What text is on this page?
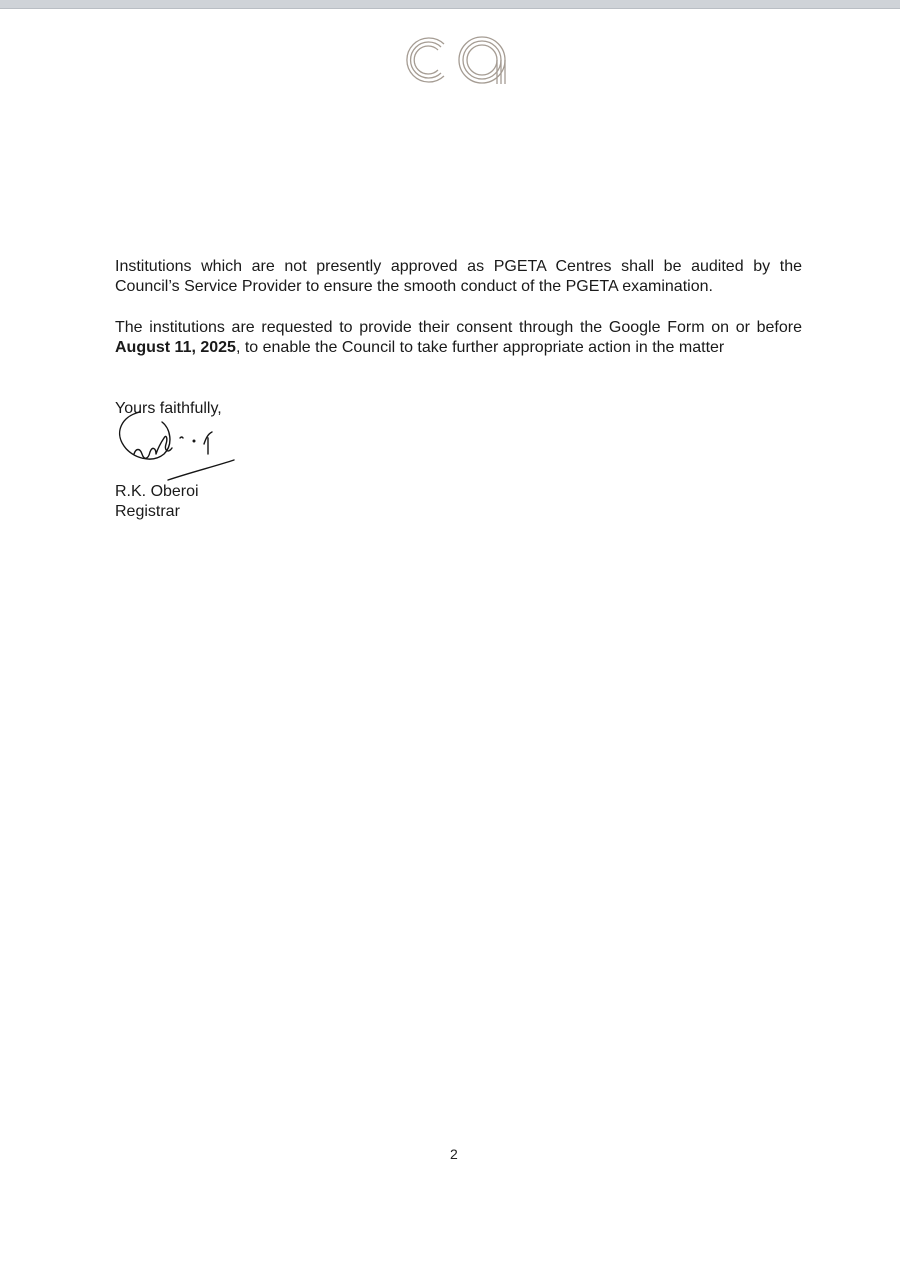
Institutions which are not presently approved as PGETA Centres shall be audited by the Council’s Service Provider to ensure the smooth conduct of the PGETA examination.

The institutions are requested to provide their consent through the Google Form on or before August 11, 2025, to enable the Council to take further appropriate action in the matter

Yours faithfully,

R.K. Oberoi
Registrar

2
